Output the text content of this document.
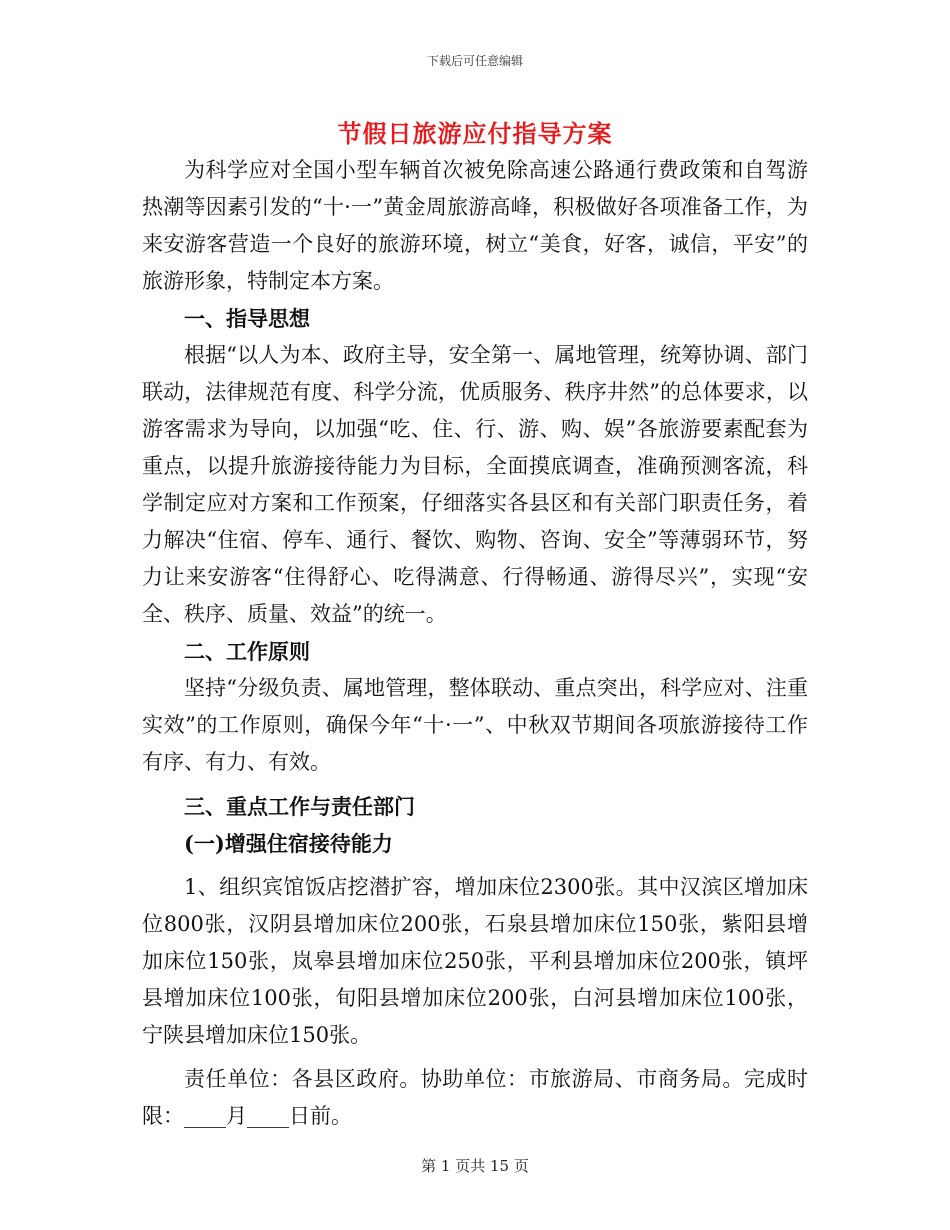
下载后可任意编辑
节假日旅游应付指导方案

为科学应对全国小型车辆首次被免除高速公路通行费政策和自驾游热潮等因素引发的“十·一”黄金周旅游高峰，积极做好各项准备工作，为来安游客营造一个良好的旅游环境，树立“美食，好客，诚信，平安”的旅游形象，特制定本方案。

一、指导思想

根据“以人为本、政府主导，安全第一、属地管理，统筹协调、部门联动，法律规范有度、科学分流，优质服务、秩序井然”的总体要求，以游客需求为导向，以加强“吃、住、行、游、购、娱”各旅游要素配套为重点，以提升旅游接待能力为目标，全面摸底调查，准确预测客流，科学制定应对方案和工作预案，仔细落实各县区和有关部门职责任务，着力解决“住宿、停车、通行、餐饮、购物、咨询、安全”等薄弱环节，努力让来安游客“住得舒心、吃得满意、行得畅通、游得尽兴”，实现“安全、秩序、质量、效益”的统一。

二、工作原则

坚持“分级负责、属地管理，整体联动、重点突出，科学应对、注重实效”的工作原则，确保今年“十·一”、中秋双节期间各项旅游接待工作有序、有力、有效。

三、重点工作与责任部门
(一)增强住宿接待能力

1、组织宾馆饭店挖潜扩容，增加床位2300张。其中汉滨区增加床位800张，汉阴县增加床位200张，石泉县增加床位150张，紫阳县增加床位150张，岚皋县增加床位250张，平利县增加床位200张，镇坪县增加床位100张，旬阳县增加床位200张，白河县增加床位100张，宁陕县增加床位150张。

责任单位：各县区政府。协助单位：市旅游局、市商务局。完成时限：____月____日前。

第 1 页共 15 页
